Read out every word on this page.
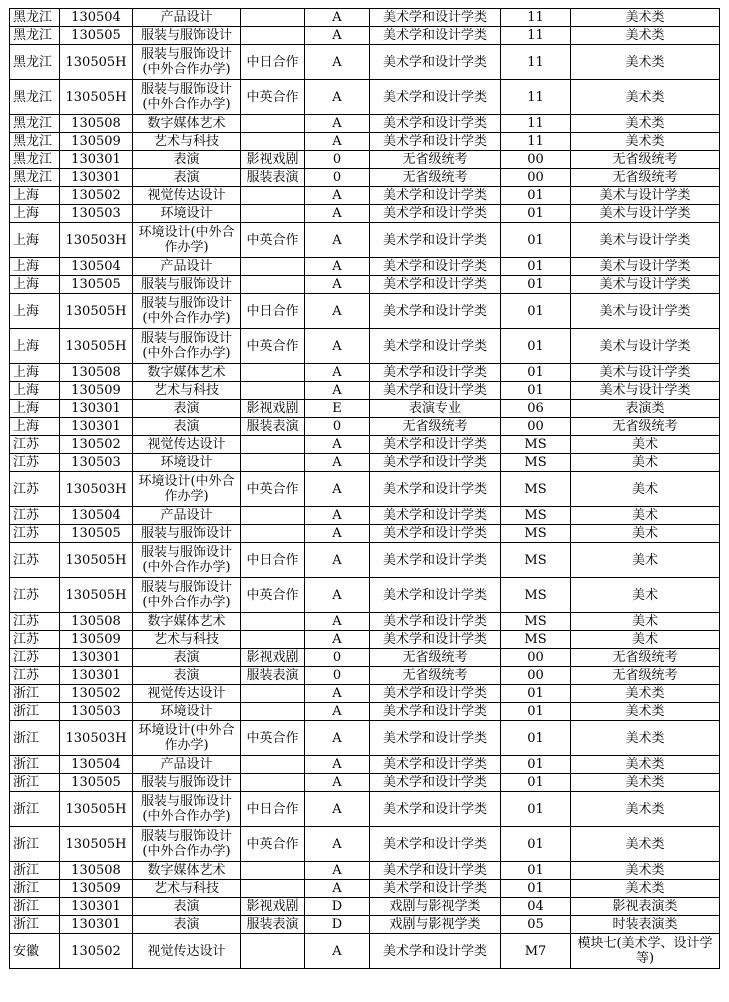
黑龙江	130504	产品设计		A	美术学和设计学类	11	美术类
黑龙江	130505	服装与服饰设计		A	美术学和设计学类	11	美术类
黑龙江	130505H	服装与服饰设计(中外合作办学)	中日合作	A	美术学和设计学类	11	美术类
黑龙江	130505H	服装与服饰设计(中外合作办学)	中英合作	A	美术学和设计学类	11	美术类
黑龙江	130508	数字媒体艺术		A	美术学和设计学类	11	美术类
黑龙江	130509	艺术与科技		A	美术学和设计学类	11	美术类
黑龙江	130301	表演	影视戏剧	0	无省级统考	00	无省级统考
黑龙江	130301	表演	服装表演	0	无省级统考	00	无省级统考
上海	130502	视觉传达设计		A	美术学和设计学类	01	美术与设计学类
上海	130503	环境设计		A	美术学和设计学类	01	美术与设计学类
上海	130503H	环境设计(中外合作办学)	中英合作	A	美术学和设计学类	01	美术与设计学类
上海	130504	产品设计		A	美术学和设计学类	01	美术与设计学类
上海	130505	服装与服饰设计		A	美术学和设计学类	01	美术与设计学类
上海	130505H	服装与服饰设计(中外合作办学)	中日合作	A	美术学和设计学类	01	美术与设计学类
上海	130505H	服装与服饰设计(中外合作办学)	中英合作	A	美术学和设计学类	01	美术与设计学类
上海	130508	数字媒体艺术		A	美术学和设计学类	01	美术与设计学类
上海	130509	艺术与科技		A	美术学和设计学类	01	美术与设计学类
上海	130301	表演	影视戏剧	E	表演专业	06	表演类
上海	130301	表演	服装表演	0	无省级统考	00	无省级统考
江苏	130502	视觉传达设计		A	美术学和设计学类	MS	美术
江苏	130503	环境设计		A	美术学和设计学类	MS	美术
江苏	130503H	环境设计(中外合作办学)	中英合作	A	美术学和设计学类	MS	美术
江苏	130504	产品设计		A	美术学和设计学类	MS	美术
江苏	130505	服装与服饰设计		A	美术学和设计学类	MS	美术
江苏	130505H	服装与服饰设计(中外合作办学)	中日合作	A	美术学和设计学类	MS	美术
江苏	130505H	服装与服饰设计(中外合作办学)	中英合作	A	美术学和设计学类	MS	美术
江苏	130508	数字媒体艺术		A	美术学和设计学类	MS	美术
江苏	130509	艺术与科技		A	美术学和设计学类	MS	美术
江苏	130301	表演	影视戏剧	0	无省级统考	00	无省级统考
江苏	130301	表演	服装表演	0	无省级统考	00	无省级统考
浙江	130502	视觉传达设计		A	美术学和设计学类	01	美术类
浙江	130503	环境设计		A	美术学和设计学类	01	美术类
浙江	130503H	环境设计(中外合作办学)	中英合作	A	美术学和设计学类	01	美术类
浙江	130504	产品设计		A	美术学和设计学类	01	美术类
浙江	130505	服装与服饰设计		A	美术学和设计学类	01	美术类
浙江	130505H	服装与服饰设计(中外合作办学)	中日合作	A	美术学和设计学类	01	美术类
浙江	130505H	服装与服饰设计(中外合作办学)	中英合作	A	美术学和设计学类	01	美术类
浙江	130508	数字媒体艺术		A	美术学和设计学类	01	美术类
浙江	130509	艺术与科技		A	美术学和设计学类	01	美术类
浙江	130301	表演	影视戏剧	D	戏剧与影视学类	04	影视表演类
浙江	130301	表演	服装表演	D	戏剧与影视学类	05	时装表演类
安徽	130502	视觉传达设计		A	美术学和设计学类	M7	模块七(美术学、设计学等)
